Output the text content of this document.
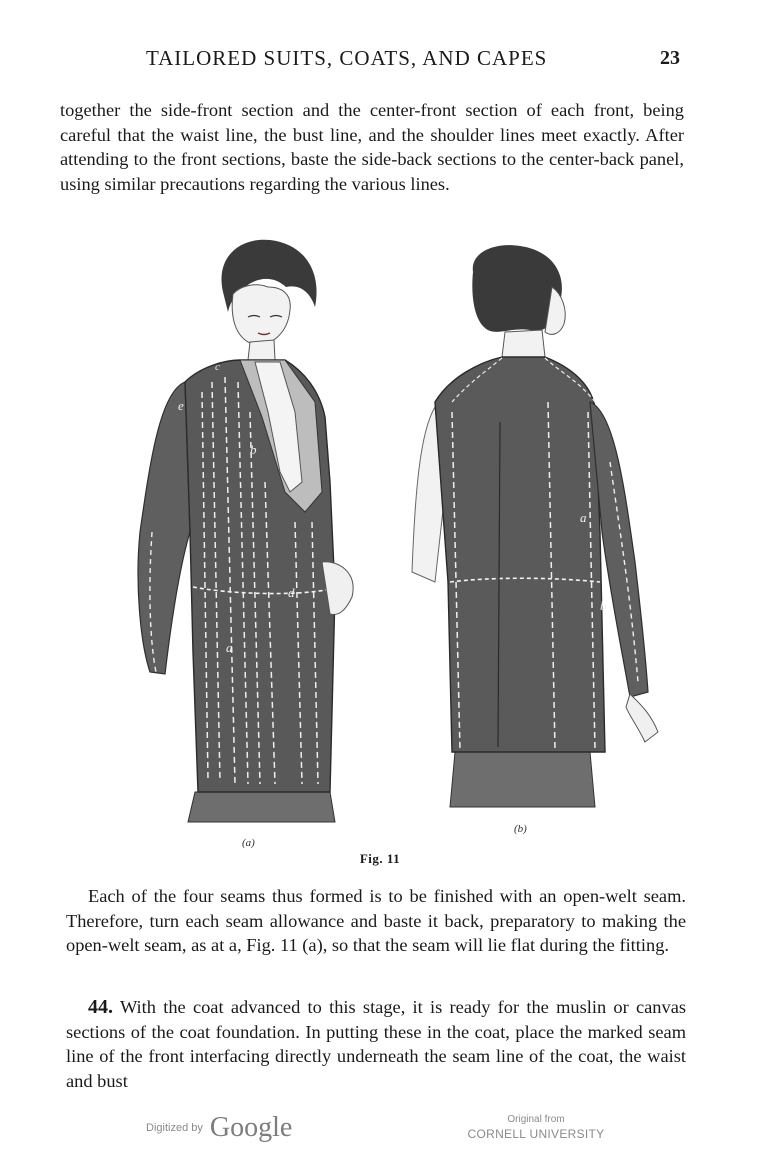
TAILORED SUITS, COATS, AND CAPES	23

together the side-front section and the center-front section of each front, being careful that the waist line, the bust line, and the shoulder lines meet exactly. After attending to the front sections, baste the side-back sections to the center-back panel, using similar precautions regarding the various lines.

e
b
d
a
c
a
b
(a)
(b)
Fig. 11

Each of the four seams thus formed is to be finished with an open-welt seam. Therefore, turn each seam allowance and baste it back, preparatory to making the open-welt seam, as at a, Fig. 11 (a), so that the seam will lie flat during the fitting.

44. With the coat advanced to this stage, it is ready for the muslin or canvas sections of the coat foundation. In putting these in the coat, place the marked seam line of the front interfacing directly underneath the seam line of the coat, the waist and bust

Digitized by Google	Original from
CORNELL UNIVERSITY
